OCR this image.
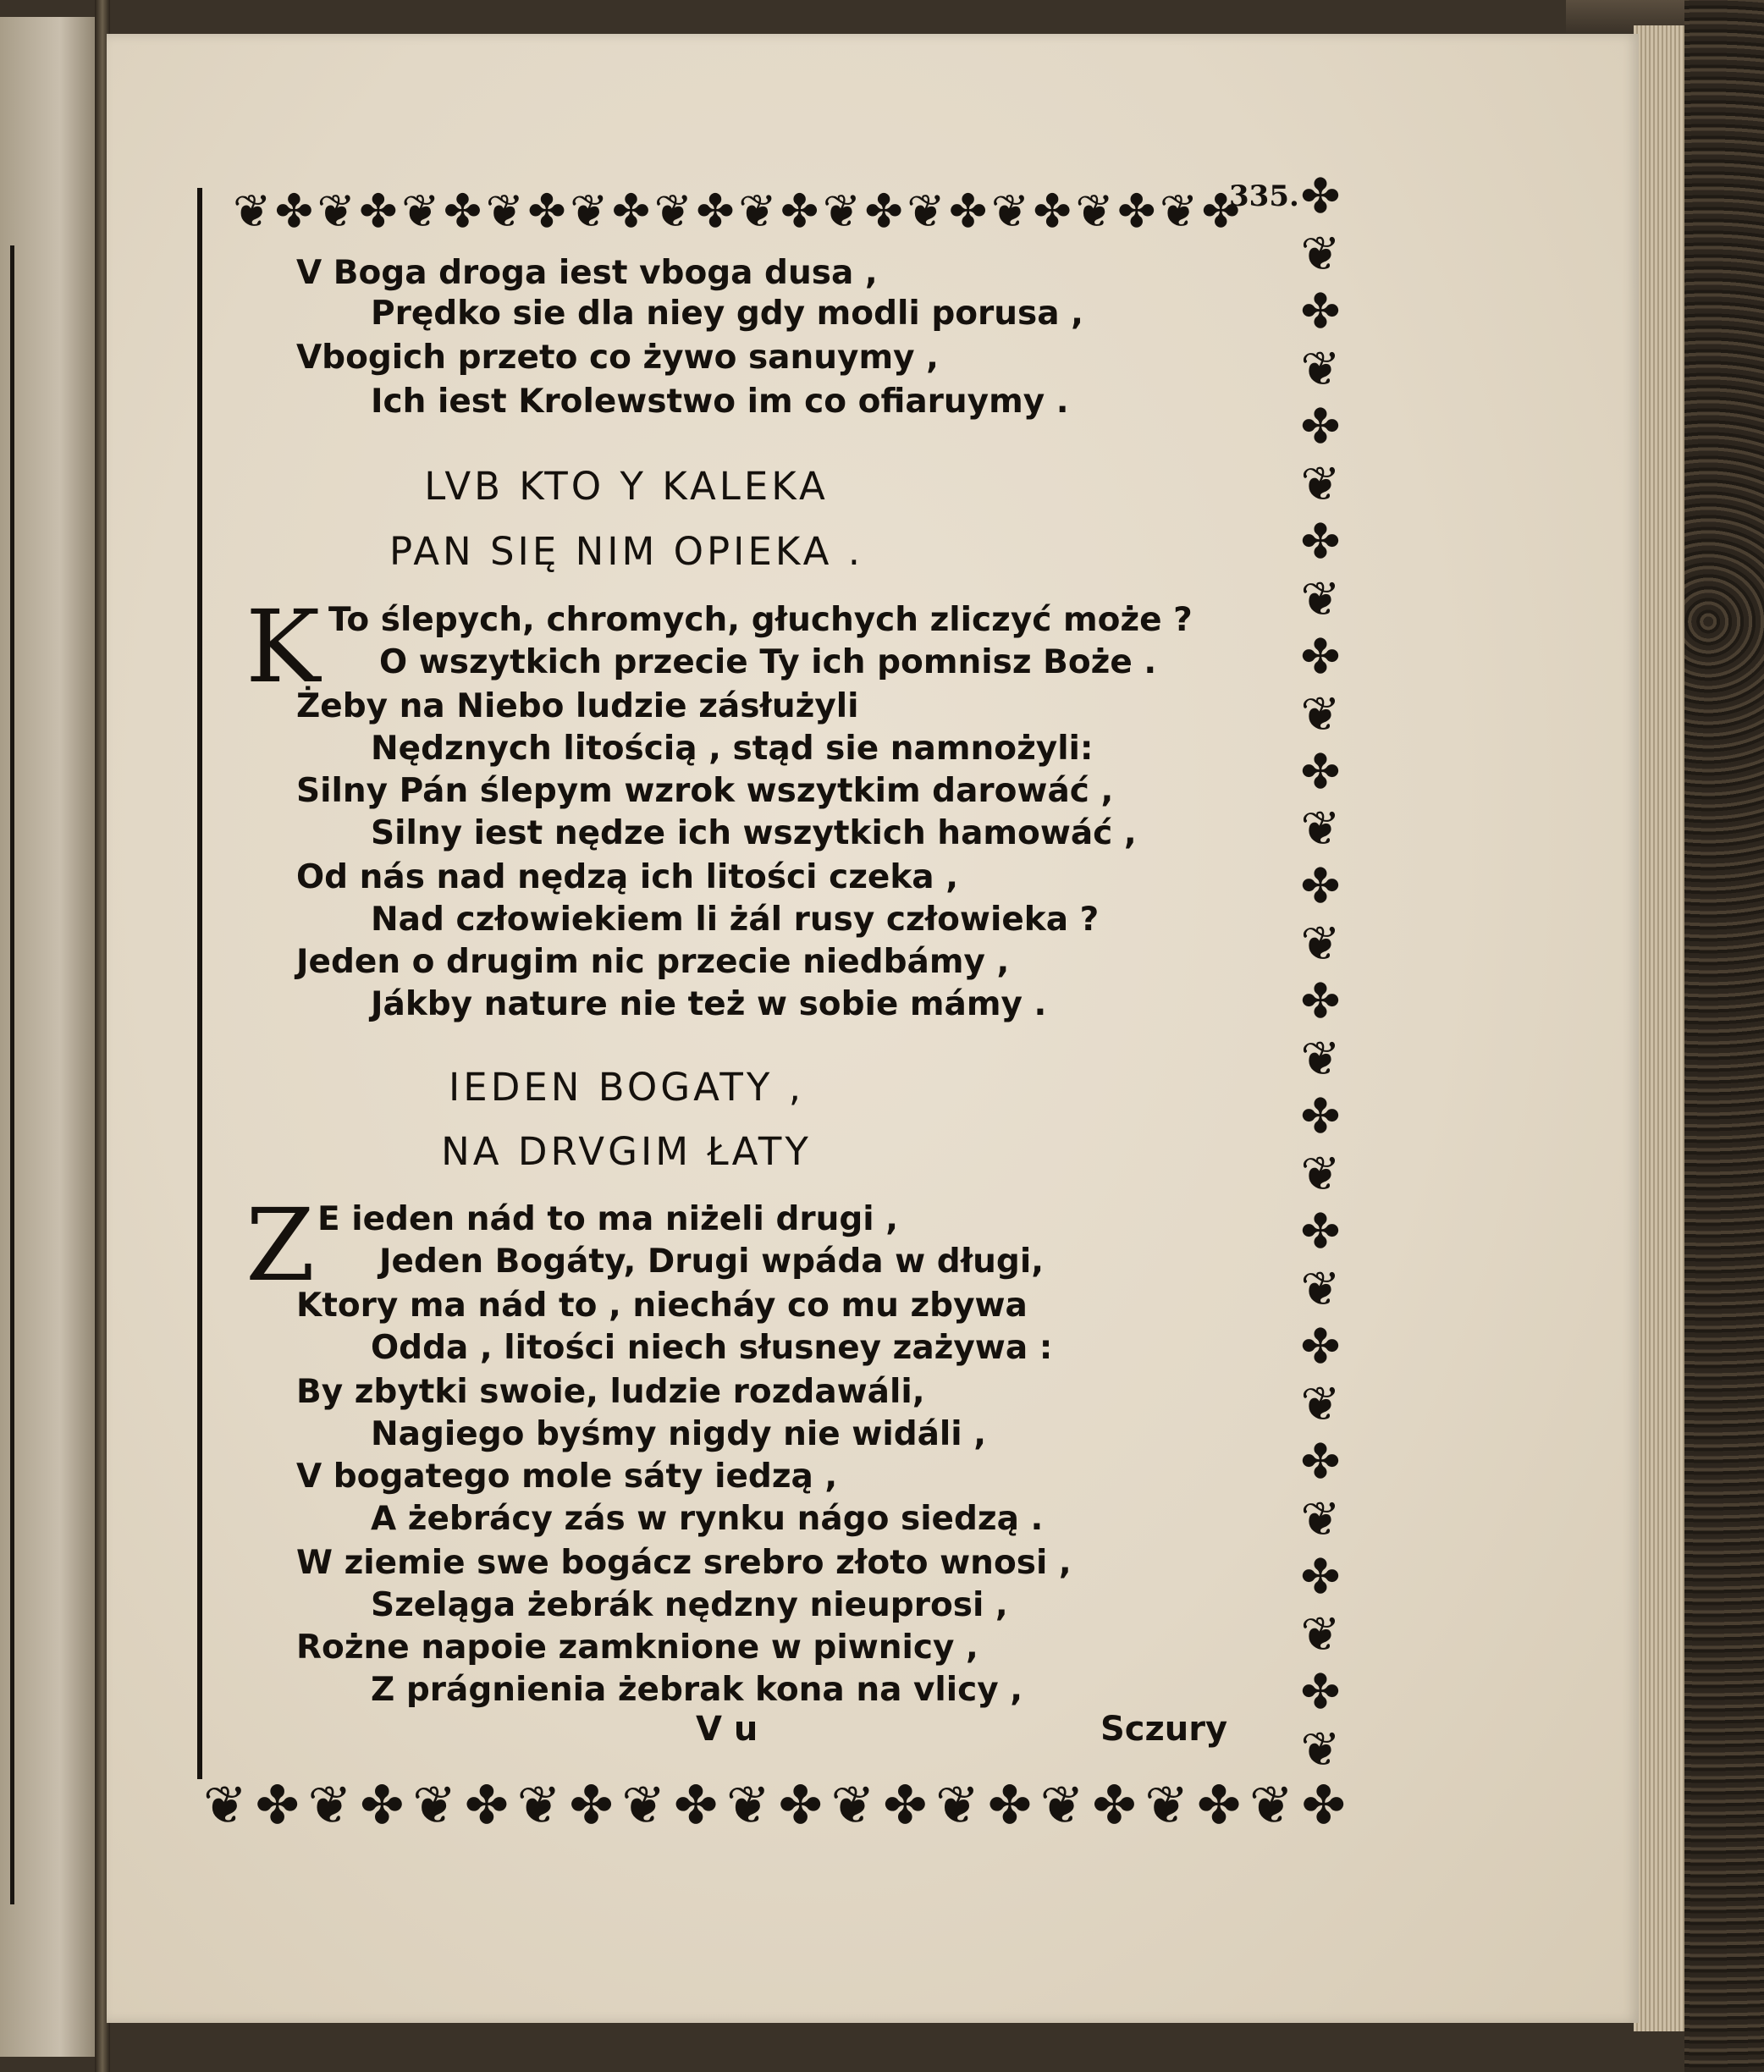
❦ ✤ ❦ ✤ ❦ ✤ ❦ ✤ ❦ ✤ ❦ ✤ ❦ ✤ ❦ ✤ ❦ ✤ ❦ ✤ ❦ ✤ ❦ ✤
335. ✤
❦
✤
❦
✤
❦
✤
❦
✤
❦
✤
❦
✤
❦
✤
❦
✤
❦
✤
❦
✤
❦
✤
❦
✤
❦
✤
❦
❦ ✤ ❦ ✤ ❦ ✤ ❦ ✤ ❦ ✤ ❦ ✤ ❦ ✤ ❦ ✤ ❦ ✤ ❦ ✤ ❦ ✤
V Boga droga iest vboga dusa ,
Prędko sie dla niey gdy modli porusa ,
Vbogich przeto co żywo sanuymy ,
Ich iest Krolewstwo im co ofiaruymy .
LVB KTO Y KALEKA
PAN SIĘ NIM OPIEKA .
K To ślepych, chromych, głuchych zliczyć może ?
O wszytkich przecie Ty ich pomnisz Boże .
Żeby na Niebo ludzie zásłużyli
Nędznych litością , stąd sie namnożyli:
Silny Pán ślepym wzrok wszytkim darowáć ,
Silny iest nędze ich wszytkich hamowáć ,
Od nás nad nędzą ich litości czeka ,
Nad człowiekiem li żál rusy człowieka ?
Jeden o drugim nic przecie niedbámy ,
Jákby nature nie też w sobie mámy .
IEDEN BOGATY ,
NA DRVGIM ŁATY
Z E ieden nád to ma niżeli drugi ,
Jeden Bogáty, Drugi wpáda w długi,
Ktory ma nád to , niecháy co mu zbywa
Odda , litości niech słusney zażywa :
By zbytki swoie, ludzie rozdawáli,
Nagiego byśmy nigdy nie widáli ,
V bogatego mole sáty iedzą ,
A żebrácy zás w rynku nágo siedzą .
W ziemie swe bogácz srebro złoto wnosi ,
Szeląga żebrák nędzny nieuprosi ,
Rożne napoie zamknione w piwnicy ,
Z prágnienia żebrak kona na vlicy ,
V u	Sczury
